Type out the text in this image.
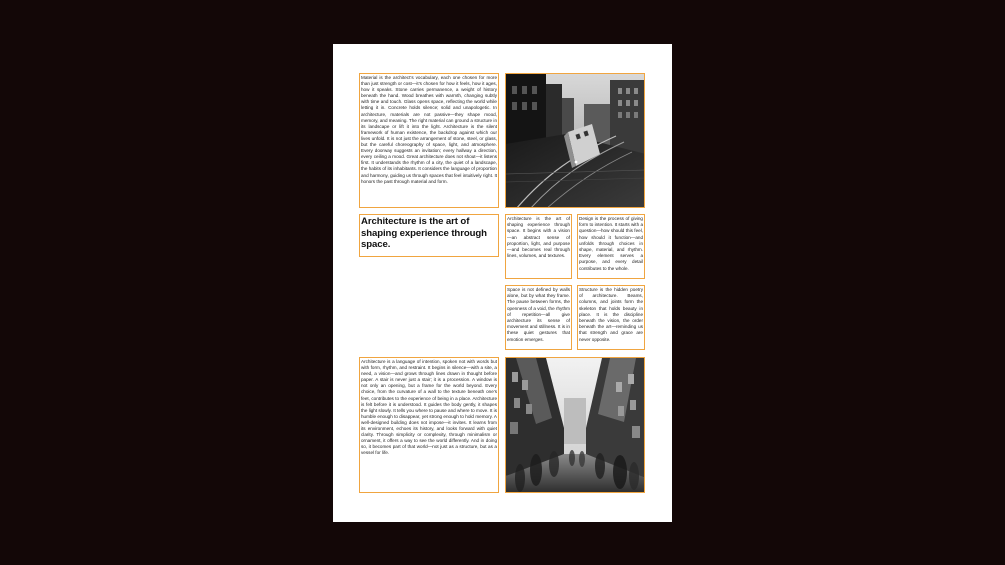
Material is the architect’s vocabulary, each one chosen for more than just strength or cost—it’s chosen for how it feels, how it ages, how it speaks. Stone carries permanence, a weight of history beneath the hand. Wood breathes with warmth, changing subtly with time and touch. Glass opens space, reflecting the world while letting it in. Concrete holds silence; solid and unapologetic. In architecture, materials are not passive—they shape mood, memory, and meaning. The right material can ground a structure in its landscape or lift it into the light. Architecture is the silent framework of human existence, the backdrop against which our lives unfold. It is not just the arrangement of stone, steel, or glass, but the careful choreography of space, light, and atmosphere. Every doorway suggests an invitation; every hallway a direction, every ceiling a mood. Great architecture does not shout—it listens first. It understands the rhythm of a city, the quiet of a landscape, the habits of its inhabitants. It considers the language of proportion and harmony, guiding us through spaces that feel intuitively right. It honors the past through material and form.

Architecture is the art of shaping experience through space.

Architecture is the art of shaping experience through space. It begins with a vision—an abstract sense of proportion, light, and purpose—and becomes real through lines, volumes, and textures.

Design is the process of giving form to intention. It starts with a question—how should this feel, how should it function—and unfolds through choices in shape, material, and rhythm. Every element serves a purpose, and every detail contributes to the whole.

Space is not defined by walls alone, but by what they frame. The pause between forms, the openness of a void, the rhythm of repetition—all give architecture its sense of movement and stillness. It is in these quiet gestures that emotion emerges.

Structure is the hidden poetry of architecture. Beams, columns, and joints form the skeleton that holds beauty in place. It is the discipline beneath the vision, the order beneath the art—reminding us that strength and grace are never opposite.

Architecture is a language of intention, spoken not with words but with form, rhythm, and restraint. It begins in silence—with a site, a need, a vision—and grows through lines drawn in thought before paper. A stair is never just a stair; it is a procession. A window is not only an opening, but a frame for the world beyond. Every choice, from the curvature of a wall to the texture beneath one’s feet, contributes to the experience of being in a place. Architecture is felt before it is understood. It guides the body gently, it shapes the light slowly. It tells you where to pause and where to move. It is humble enough to disappear, yet strong enough to hold memory. A well-designed building does not impose—it invites. It learns from its environment, echoes its history, and looks forward with quiet clarity. Through simplicity or complexity, through minimalism or ornament, it offers a way to see the world differently. And in doing so, it becomes part of that world—not just as a structure, but as a vessel for life.
